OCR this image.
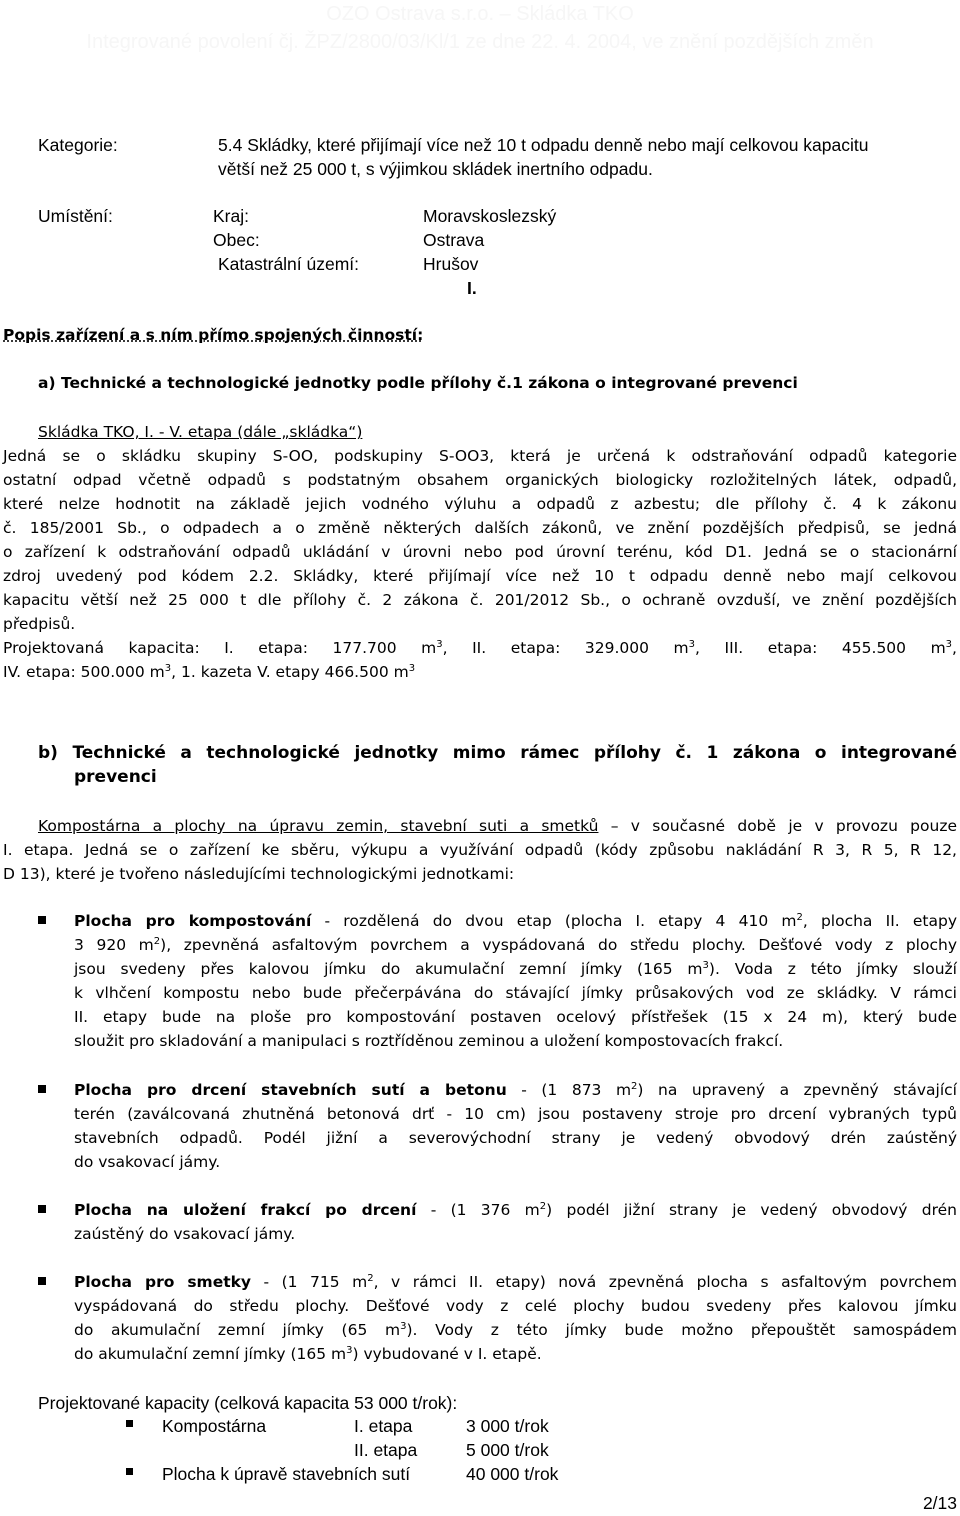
OZO Ostrava s.r.o. – Skládka TKO
Integrované povolení čj. ŽPZ/2800/03/Kl/1 ze dne 22. 4. 2004, ve znění pozdějších změn
Kategorie:	5.4 Skládky, které přijímají více než 10 t odpadu denně nebo mají celkovou kapacitu
větší než 25 000 t, s výjimkou skládek inertního odpadu.
Umístění:	Kraj:	Moravskoslezský
Obec:	Ostrava
Katastrální území:	Hrušov
I.
Popis zařízení a s ním přímo spojených činností:
a) Technické a technologické jednotky podle přílohy č.1 zákona o integrované prevenci
Skládka TKO, I. - V. etapa (dále „skládka“)

Jedná se o skládku skupiny S-OO, podskupiny S-OO3, která je určená k odstraňování odpadů kategorie

ostatní odpad včetně odpadů s podstatným obsahem organických biologicky rozložitelných látek, odpadů,

které nelze hodnotit na základě jejich vodného výluhu a odpadů z azbestu; dle přílohy č. 4 k zákonu

č. 185/2001 Sb., o odpadech a o změně některých dalších zákonů, ve znění pozdějších předpisů, se jedná

o zařízení k odstraňování odpadů ukládání v úrovni nebo pod úrovní terénu, kód D1. Jedná se o stacionární

zdroj uvedený pod kódem 2.2. Skládky, které přijímají více než 10 t odpadu denně nebo mají celkovou

kapacitu větší než 25 000 t dle přílohy č. 2 zákona č. 201/2012 Sb., o ochraně ovzduší, ve znění pozdějších

předpisů.

Projektovaná kapacita: I. etapa: 177.700 $m^3$, II. etapa: 329.000 $m^3$, III. etapa: 455.500 $m^3$,

IV. etapa: 500.000 $m^3$, 1. kazeta V. etapy 466.500 $m^3$

b) Technické a technologické jednotky mimo rámec přílohy č. 1 zákona o integrované
prevenci

Kompostárna a plochy na úpravu zemin, stavební suti a smetků – v současné době je v provozu pouze

I. etapa. Jedná se o zařízení ke sběru, výkupu a využívání odpadů (kódy způsobu nakládání R 3, R 5, R 12,

D 13), které je tvořeno následujícími technologickými jednotkami:

Plocha pro kompostování - rozdělená do dvou etap (plocha I. etapy 4 410 $m^2$, plocha II. etapy

3 920 $m^2$), zpevněná asfaltovým povrchem a vyspádovaná do středu plochy. Dešťové vody z plochy

jsou svedeny přes kalovou jímku do akumulační zemní jímky (165 $m^3$). Voda z této jímky slouží

k vlhčení kompostu nebo bude přečerpávána do stávající jímky průsakových vod ze skládky. V rámci

II. etapy bude na ploše pro kompostování postaven ocelový přístřešek (15 x 24 m), který bude

sloužit pro skladování a manipulaci s roztříděnou zeminou a uložení kompostovacích frakcí.

Plocha pro drcení stavebních sutí a betonu - (1 873 $m^2$) na upravený a zpevněný stávající

terén (zaválcovaná zhutněná betonová drť - 10 cm) jsou postaveny stroje pro drcení vybraných typů

stavebních odpadů. Podél jižní a severovýchodní strany je vedený obvodový drén zaústěný

do vsakovací jámy.

Plocha na uložení frakcí po drcení - (1 376 $m^2$) podél jižní strany je vedený obvodový drén

zaústěný do vsakovací jámy.

Plocha pro smetky - (1 715 $m^2$, v rámci II. etapy) nová zpevněná plocha s asfaltovým povrchem

vyspádovaná do středu plochy. Dešťové vody z celé plochy budou svedeny přes kalovou jímku

do akumulační zemní jímky (65 $m^3$). Vody z této jímky bude možno přepouštět samospádem

do akumulační zemní jímky (165 $m^3$) vybudované v I. etapě.

Projektované kapacity (celková kapacita 53 000 t/rok):
Kompostárna	I. etapa	3 000 t/rok
II. etapa	5 000 t/rok
Plocha k úpravě stavebních sutí	40 000 t/rok
2/13
